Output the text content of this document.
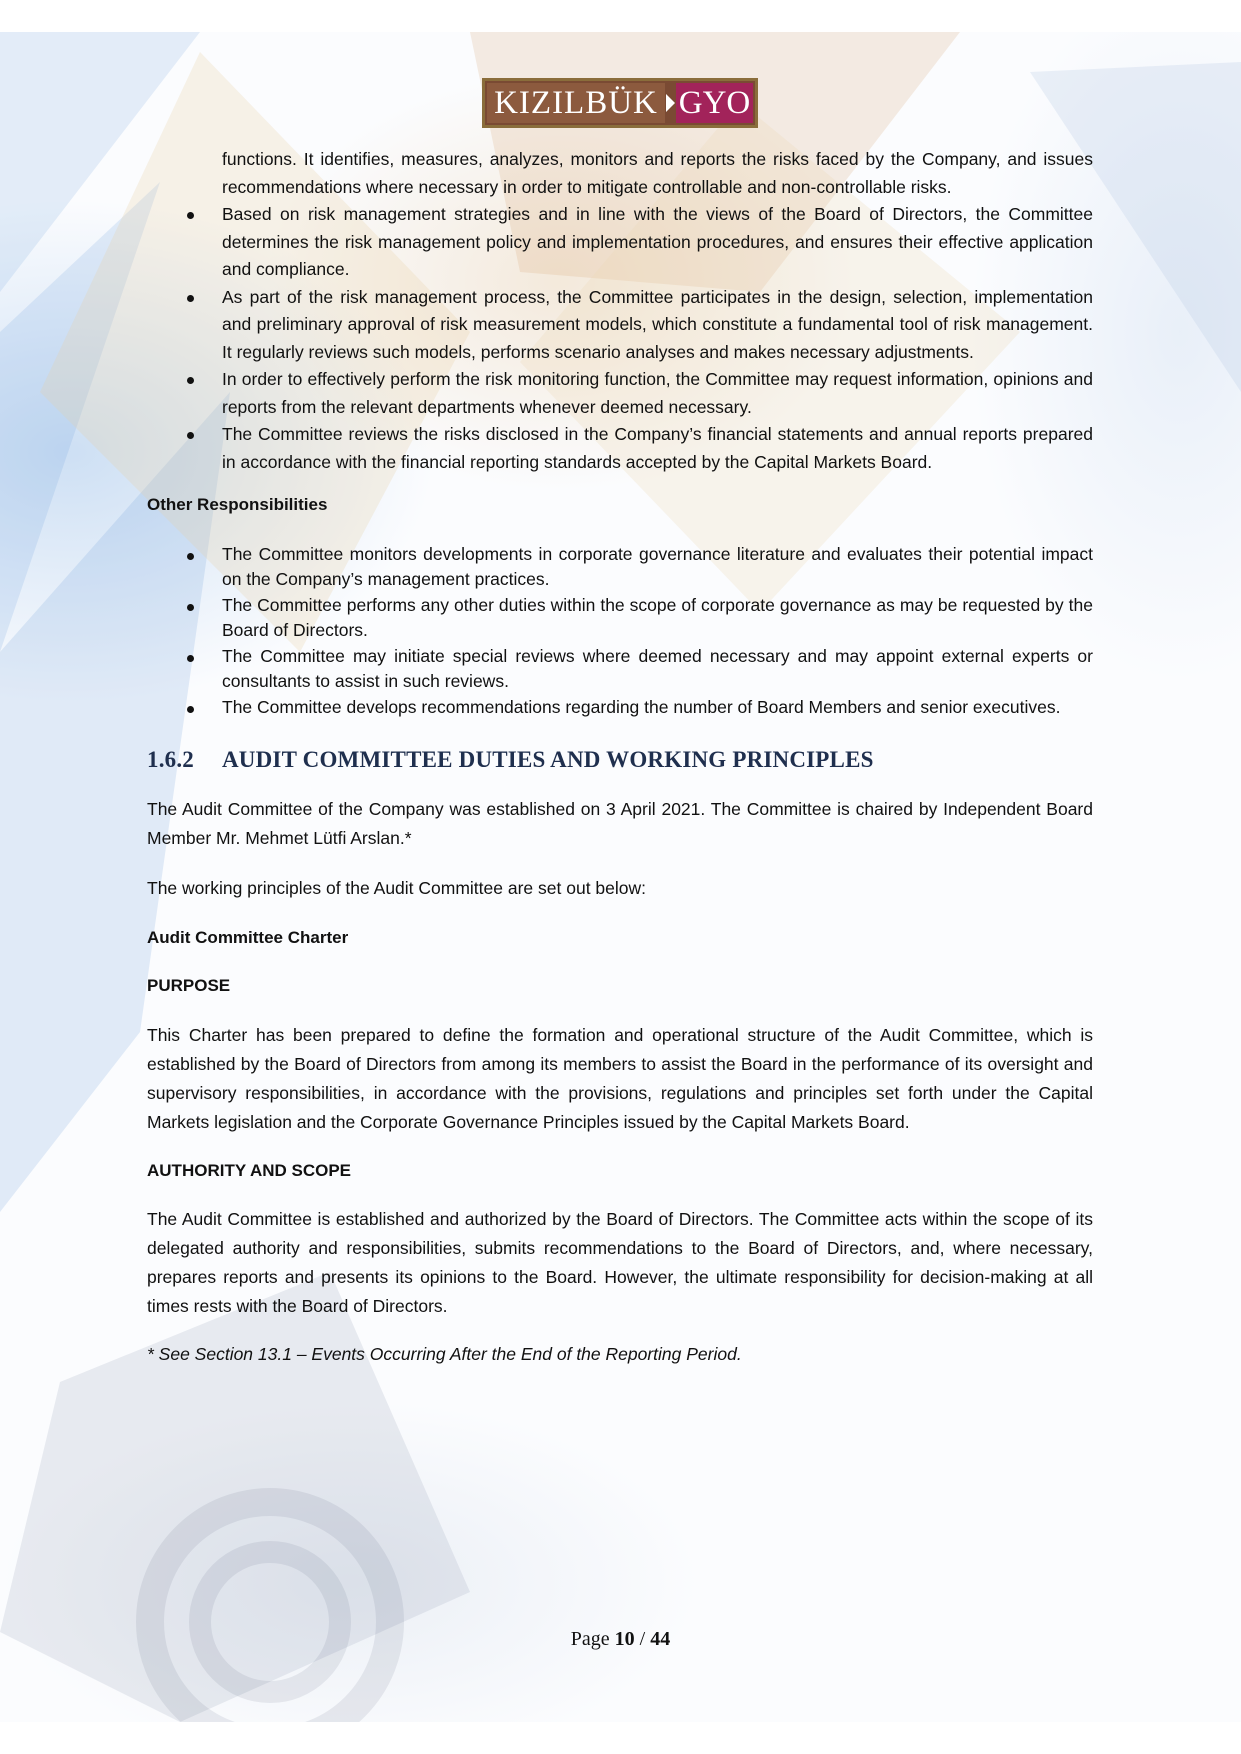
KIZILBÜK GYO
functions. It identifies, measures, analyzes, monitors and reports the risks faced by the Company, and issues recommendations where necessary in order to mitigate controllable and non-controllable risks.
Based on risk management strategies and in line with the views of the Board of Directors, the Committee determines the risk management policy and implementation procedures, and ensures their effective application and compliance.
As part of the risk management process, the Committee participates in the design, selection, implementation and preliminary approval of risk measurement models, which constitute a fundamental tool of risk management. It regularly reviews such models, performs scenario analyses and makes necessary adjustments.
In order to effectively perform the risk monitoring function, the Committee may request information, opinions and reports from the relevant departments whenever deemed necessary.
The Committee reviews the risks disclosed in the Company’s financial statements and annual reports prepared in accordance with the financial reporting standards accepted by the Capital Markets Board.

Other Responsibilities

The Committee monitors developments in corporate governance literature and evaluates their potential impact on the Company’s management practices.
The Committee performs any other duties within the scope of corporate governance as may be requested by the Board of Directors.
The Committee may initiate special reviews where deemed necessary and may appoint external experts or consultants to assist in such reviews.
The Committee develops recommendations regarding the number of Board Members and senior executives.
1.6.2 AUDIT COMMITTEE DUTIES AND WORKING PRINCIPLES

The Audit Committee of the Company was established on 3 April 2021. The Committee is chaired by Independent Board Member Mr. Mehmet Lütfi Arslan.*

The working principles of the Audit Committee are set out below:

Audit Committee Charter

PURPOSE

This Charter has been prepared to define the formation and operational structure of the Audit Committee, which is established by the Board of Directors from among its members to assist the Board in the performance of its oversight and supervisory responsibilities, in accordance with the provisions, regulations and principles set forth under the Capital Markets legislation and the Corporate Governance Principles issued by the Capital Markets Board.

AUTHORITY AND SCOPE

The Audit Committee is established and authorized by the Board of Directors. The Committee acts within the scope of its delegated authority and responsibilities, submits recommendations to the Board of Directors, and, where necessary, prepares reports and presents its opinions to the Board. However, the ultimate responsibility for decision-making at all times rests with the Board of Directors.

* See Section 13.1 – Events Occurring After the End of the Reporting Period.

Page 10 / 44
